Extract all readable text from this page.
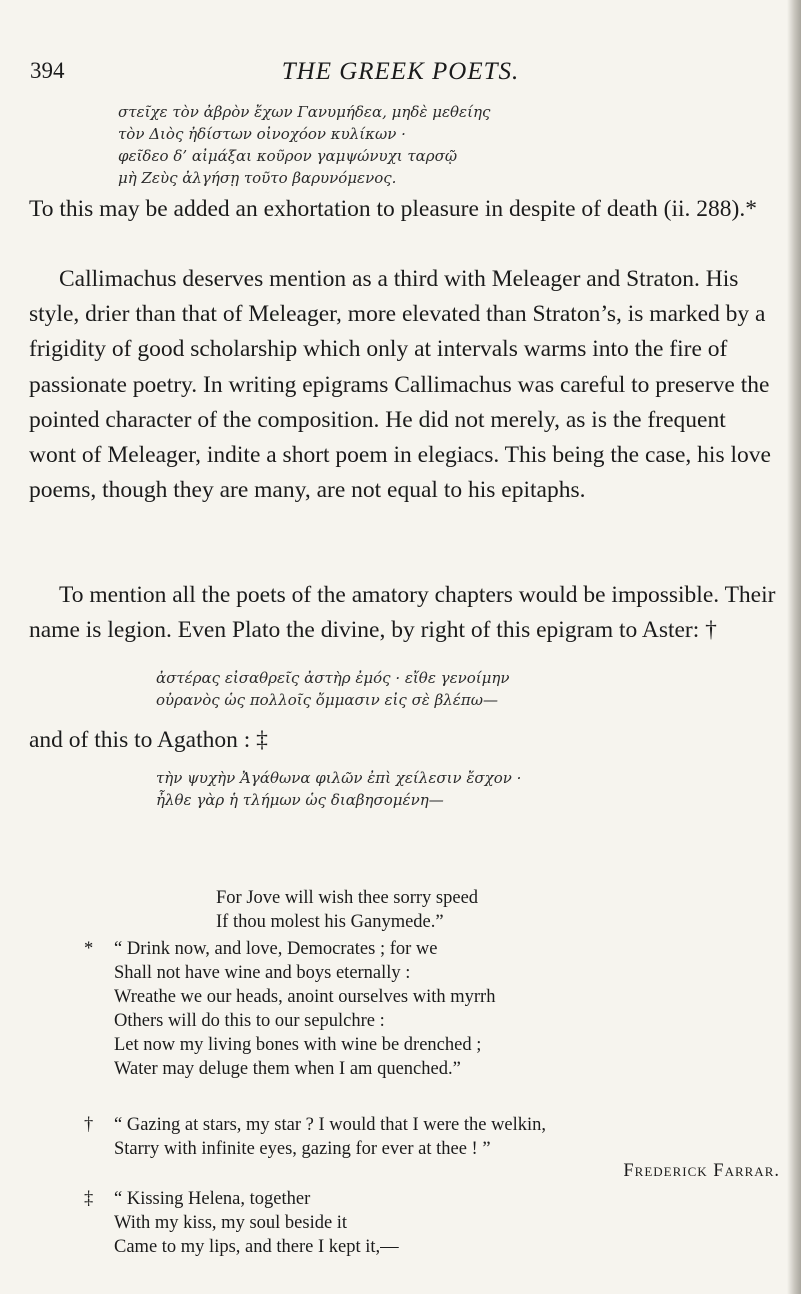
394	THE GREEK POETS.
στεῖχε τὸν ἀβρὸν ἔχων Γανυμήδεα, μηδὲ μεθείης
τὸν Διὸς ἠδίστων οἰνοχόον κυλίκων ·
φεῖδεο δ’ αἰμάξαι κοῦρον γαμψώνυχι ταρσῷ
μὴ Ζεὺς ἀλγήσῃ τοῦτο βαρυνόμενος.

To this may be added an exhortation to pleasure in despite of death (ii. 288).*

Callimachus deserves mention as a third with Meleager and Straton. His style, drier than that of Meleager, more elevated than Straton’s, is marked by a frigidity of good scholarship which only at intervals warms into the fire of passionate poetry. In writing epigrams Callimachus was careful to preserve the pointed character of the composition. He did not merely, as is the frequent wont of Meleager, indite a short poem in elegiacs. This being the case, his love poems, though they are many, are not equal to his epitaphs.

To mention all the poets of the amatory chapters would be impossible. Their name is legion. Even Plato the divine, by right of this epigram to Aster: †

ἀστέρας εἰσαθρεῖς ἀστὴρ ἐμός · εἴθε γενοίμην
οὐρανὸς ὡς πολλοῖς ὄμμασιν εἰς σὲ βλέπω—
and of this to Agathon : ‡
τὴν ψυχὴν Ἀγάθωνα φιλῶν ἐπὶ χείλεσιν ἔσχον ·
ἦλθε γὰρ ἡ τλήμων ὡς διαβησομένη—
For Jove will wish thee sorry speed
If thou molest his Ganymede.”
* “ Drink now, and love, Democrates ; for we
Shall not have wine and boys eternally :
Wreathe we our heads, anoint ourselves with myrrh
Others will do this to our sepulchre :
Let now my living bones with wine be drenched ;
Water may deluge them when I am quenched.”
† “ Gazing at stars, my star ? I would that I were the welkin,
Starry with infinite eyes, gazing for ever at thee ! ”
Frederick Farrar.
‡ “ Kissing Helena, together
With my kiss, my soul beside it
Came to my lips, and there I kept it,—
